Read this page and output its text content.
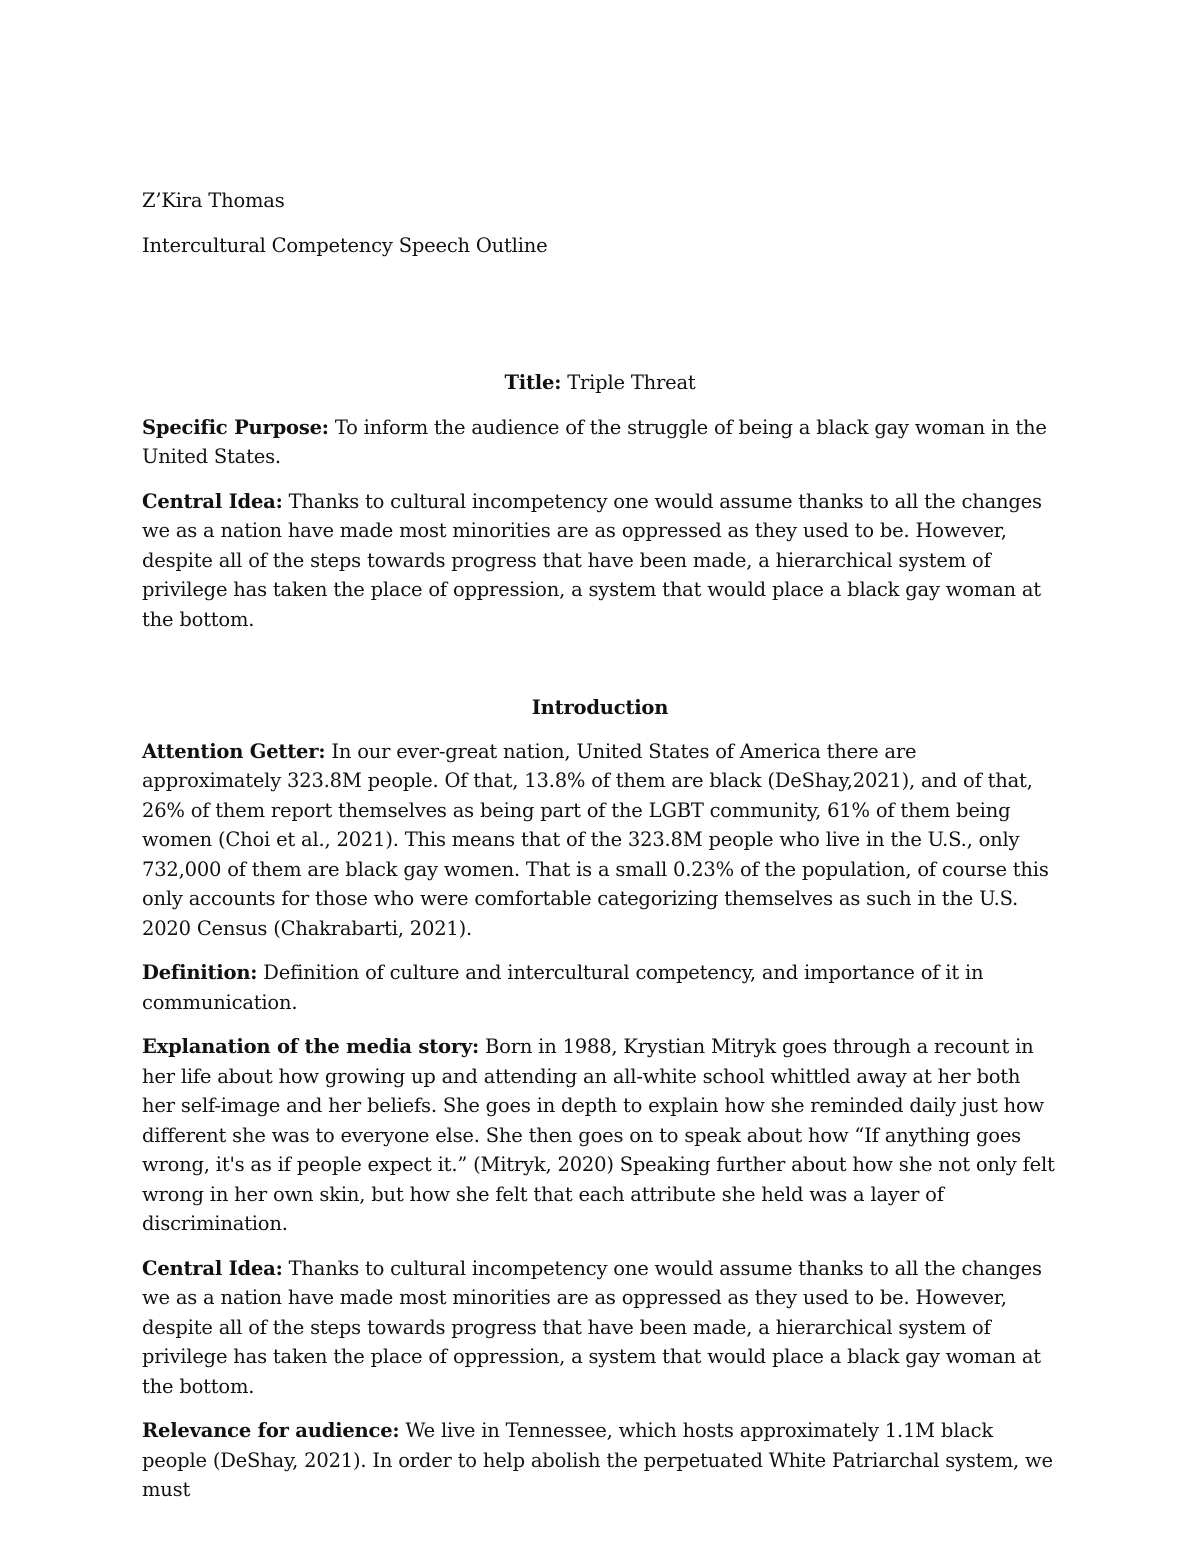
Z’Kira Thomas

Intercultural Competency Speech Outline

Title: Triple Threat

Specific Purpose: To inform the audience of the struggle of being a black gay woman in the United States.

Central Idea: Thanks to cultural incompetency one would assume thanks to all the changes we as a nation have made most minorities are as oppressed as they used to be. However, despite all of the steps towards progress that have been made, a hierarchical system of privilege has taken the place of oppression, a system that would place a black gay woman at the bottom.

Introduction

Attention Getter: In our ever-great nation, United States of America there are approximately 323.8M people. Of that, 13.8% of them are black (DeShay,2021), and of that, 26% of them report themselves as being part of the LGBT community, 61% of them being women (Choi et al., 2021). This means that of the 323.8M people who live in the U.S., only 732,000 of them are black gay women. That is a small 0.23% of the population, of course this only accounts for those who were comfortable categorizing themselves as such in the U.S. 2020 Census (Chakrabarti, 2021).

Definition: Definition of culture and intercultural competency, and importance of it in communication.

Explanation of the media story: Born in 1988, Krystian Mitryk goes through a recount in her life about how growing up and attending an all-white school whittled away at her both her self-image and her beliefs. She goes in depth to explain how she reminded daily just how different she was to everyone else. She then goes on to speak about how “If anything goes wrong, it's as if people expect it.” (Mitryk, 2020) Speaking further about how she not only felt wrong in her own skin, but how she felt that each attribute she held was a layer of discrimination.

Central Idea: Thanks to cultural incompetency one would assume thanks to all the changes we as a nation have made most minorities are as oppressed as they used to be. However, despite all of the steps towards progress that have been made, a hierarchical system of privilege has taken the place of oppression, a system that would place a black gay woman at the bottom.

Relevance for audience: We live in Tennessee, which hosts approximately 1.1M black people (DeShay, 2021). In order to help abolish the perpetuated White Patriarchal system, we must
